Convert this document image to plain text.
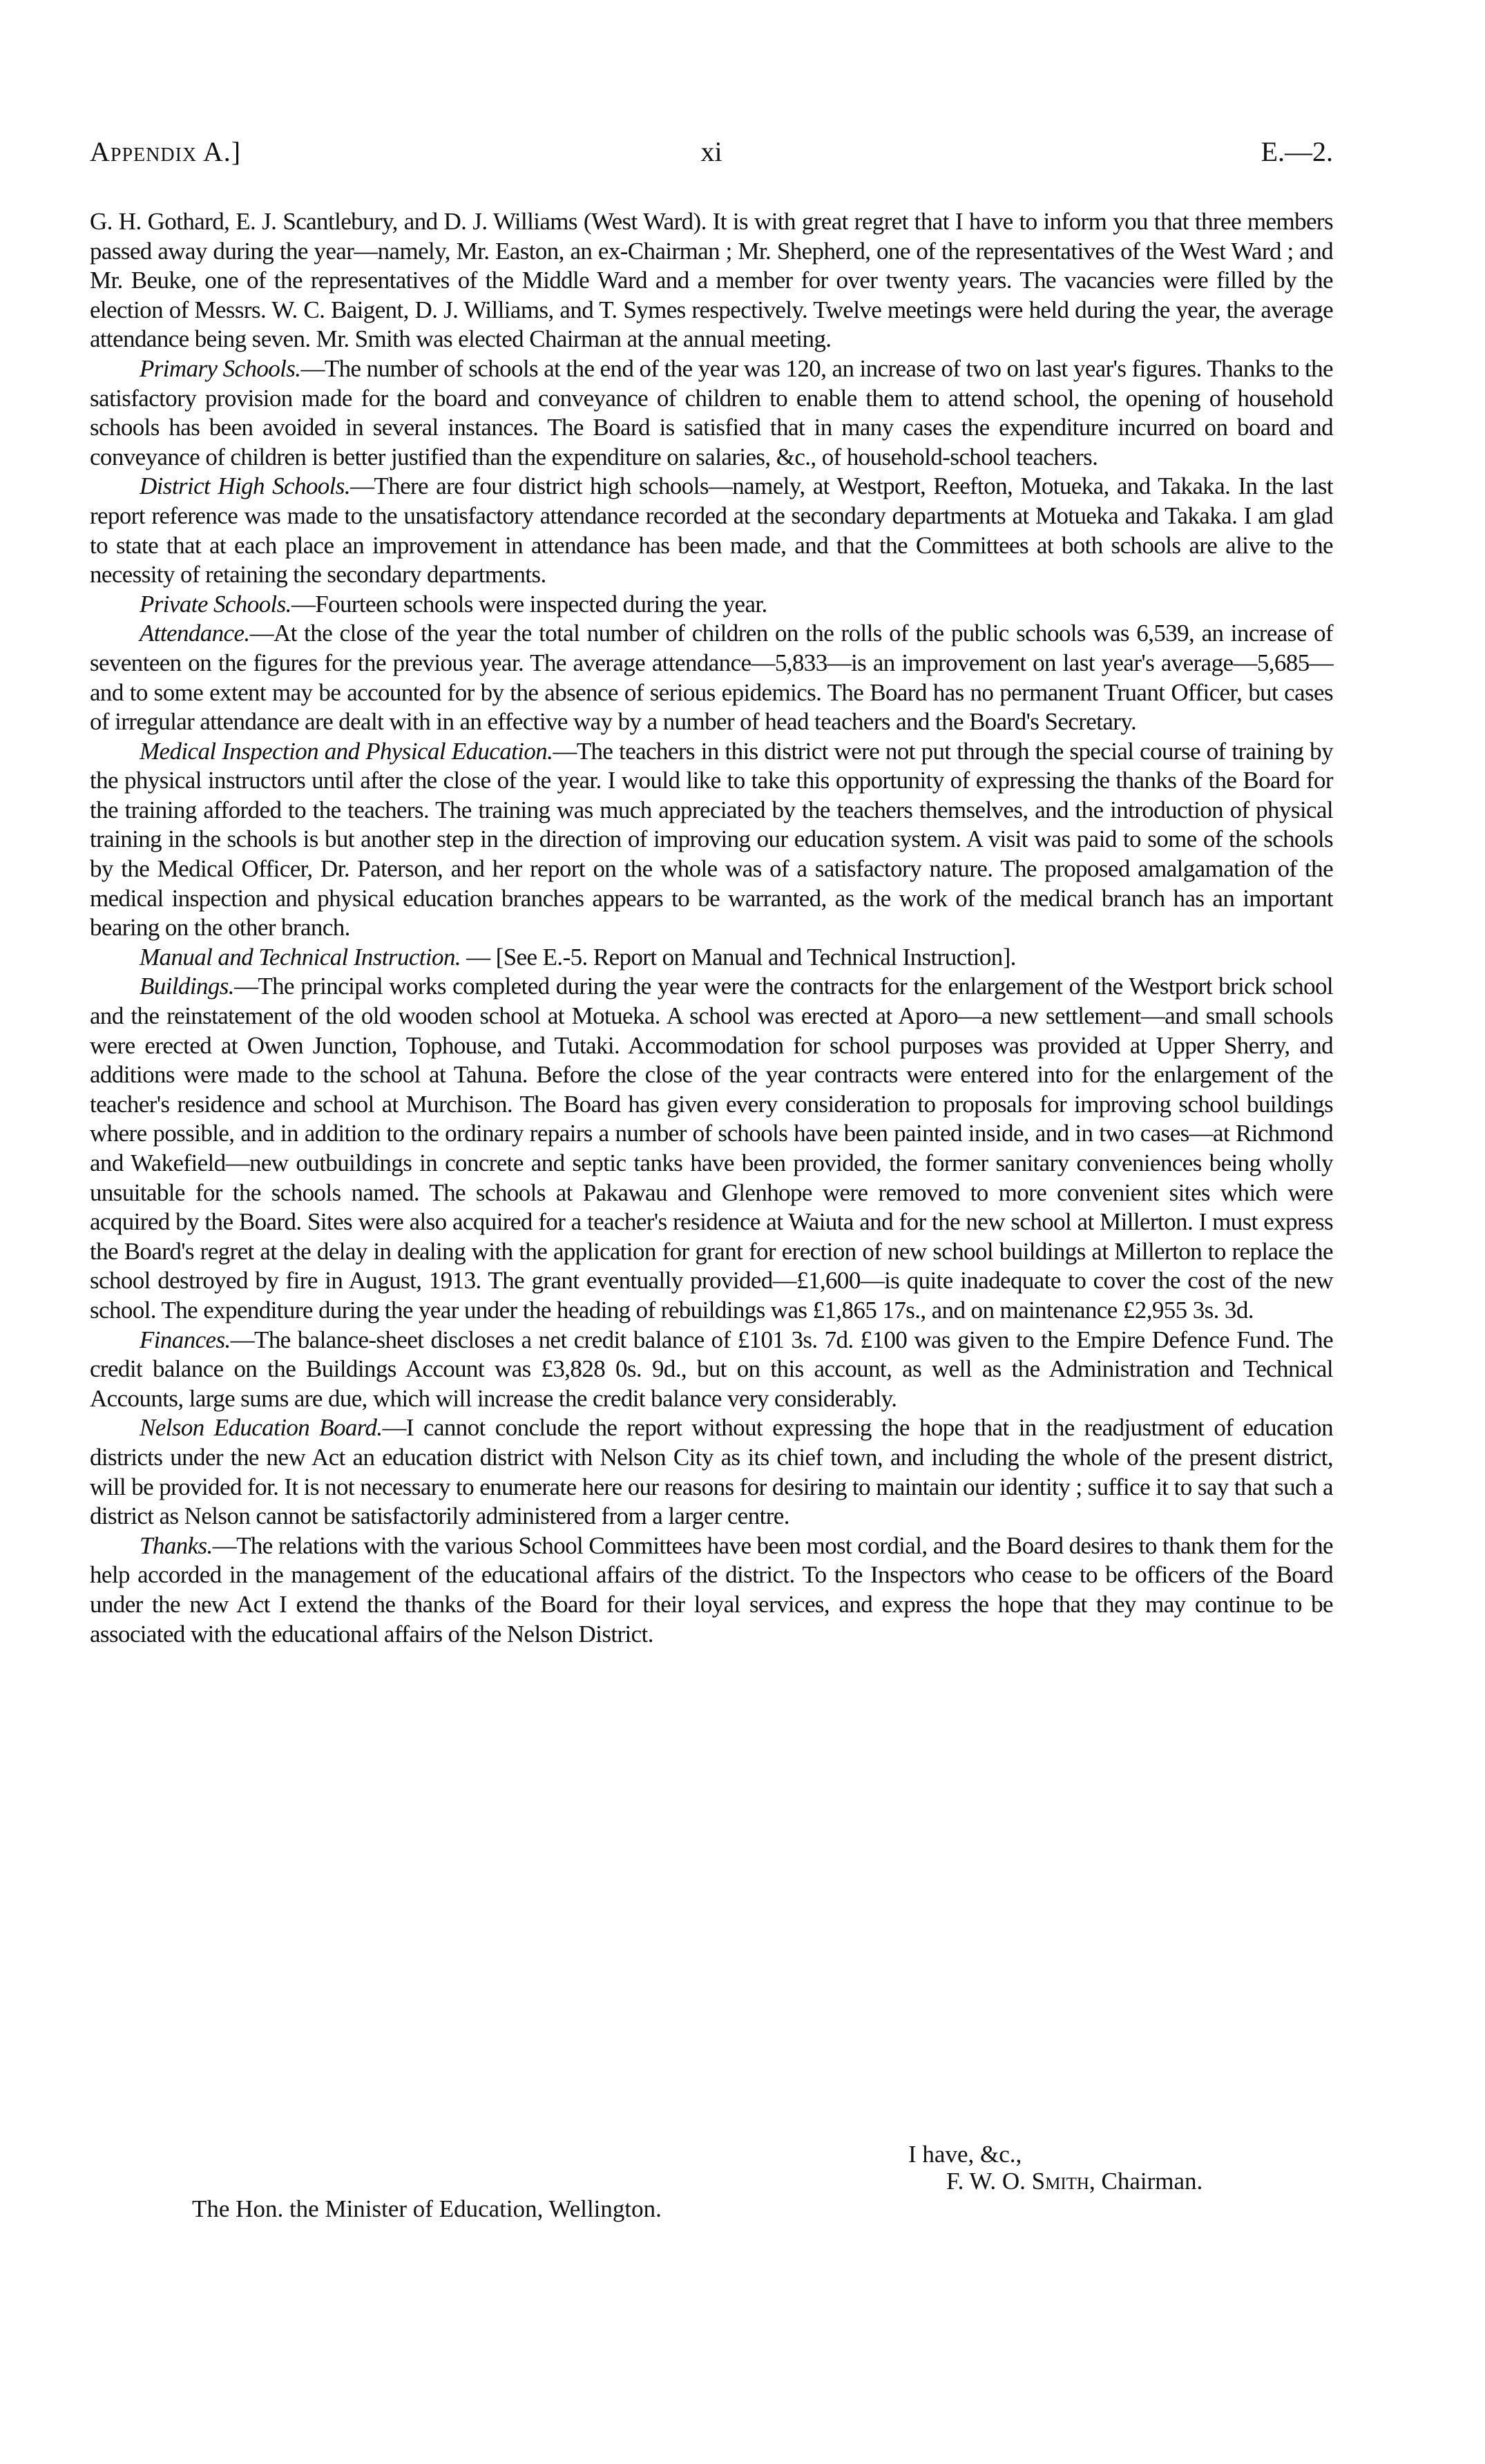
Appendix A.]	xi	E.—2.

G. H. Gothard, E. J. Scantlebury, and D. J. Williams (West Ward). It is with great regret that I have to inform you that three members passed away during the year—namely, Mr. Easton, an ex-Chairman ; Mr. Shepherd, one of the representatives of the West Ward ; and Mr. Beuke, one of the representatives of the Middle Ward and a member for over twenty years. The vacancies were filled by the election of Messrs. W. C. Baigent, D. J. Williams, and T. Symes respectively. Twelve meetings were held during the year, the average attendance being seven. Mr. Smith was elected Chairman at the annual meeting.

Primary Schools.—The number of schools at the end of the year was 120, an increase of two on last year's figures. Thanks to the satisfactory provision made for the board and conveyance of children to enable them to attend school, the opening of household schools has been avoided in several instances. The Board is satisfied that in many cases the expenditure incurred on board and conveyance of children is better justified than the expenditure on salaries, &c., of household-school teachers.

District High Schools.—There are four district high schools—namely, at Westport, Reefton, Motueka, and Takaka. In the last report reference was made to the unsatisfactory attendance recorded at the secondary departments at Motueka and Takaka. I am glad to state that at each place an improvement in attendance has been made, and that the Committees at both schools are alive to the necessity of retaining the secondary departments.

Private Schools.—Fourteen schools were inspected during the year.

Attendance.—At the close of the year the total number of children on the rolls of the public schools was 6,539, an increase of seventeen on the figures for the previous year. The average attendance—5,833—is an improvement on last year's average—5,685—and to some extent may be accounted for by the absence of serious epidemics. The Board has no permanent Truant Officer, but cases of irregular attendance are dealt with in an effective way by a number of head teachers and the Board's Secretary.

Medical Inspection and Physical Education.—The teachers in this district were not put through the special course of training by the physical instructors until after the close of the year. I would like to take this opportunity of expressing the thanks of the Board for the training afforded to the teachers. The training was much appreciated by the teachers themselves, and the introduction of physical training in the schools is but another step in the direction of improving our education system. A visit was paid to some of the schools by the Medical Officer, Dr. Paterson, and her report on the whole was of a satisfactory nature. The proposed amalgamation of the medical inspection and physical education branches appears to be warranted, as the work of the medical branch has an important bearing on the other branch.

Manual and Technical Instruction. — [See E.-5. Report on Manual and Technical Instruction].

Buildings.—The principal works completed during the year were the contracts for the enlargement of the Westport brick school and the reinstatement of the old wooden school at Motueka. A school was erected at Aporo—a new settlement—and small schools were erected at Owen Junction, Tophouse, and Tutaki. Accommodation for school purposes was provided at Upper Sherry, and additions were made to the school at Tahuna. Before the close of the year contracts were entered into for the enlargement of the teacher's residence and school at Murchison. The Board has given every consideration to proposals for improving school buildings where possible, and in addition to the ordinary repairs a number of schools have been painted inside, and in two cases—at Richmond and Wakefield—new outbuildings in concrete and septic tanks have been provided, the former sanitary conveniences being wholly unsuitable for the schools named. The schools at Pakawau and Glenhope were removed to more convenient sites which were acquired by the Board. Sites were also acquired for a teacher's residence at Waiuta and for the new school at Millerton. I must express the Board's regret at the delay in dealing with the application for grant for erection of new school buildings at Millerton to replace the school destroyed by fire in August, 1913. The grant eventually provided—£1,600—is quite inadequate to cover the cost of the new school. The expenditure during the year under the heading of rebuildings was £1,865 17s., and on maintenance £2,955 3s. 3d.

Finances.—The balance-sheet discloses a net credit balance of £101 3s. 7d. £100 was given to the Empire Defence Fund. The credit balance on the Buildings Account was £3,828 0s. 9d., but on this account, as well as the Administration and Technical Accounts, large sums are due, which will increase the credit balance very considerably.

Nelson Education Board.—I cannot conclude the report without expressing the hope that in the readjustment of education districts under the new Act an education district with Nelson City as its chief town, and including the whole of the present district, will be provided for. It is not necessary to enumerate here our reasons for desiring to maintain our identity ; suffice it to say that such a district as Nelson cannot be satisfactorily administered from a larger centre.

Thanks.—The relations with the various School Committees have been most cordial, and the Board desires to thank them for the help accorded in the management of the educational affairs of the district. To the Inspectors who cease to be officers of the Board under the new Act I extend the thanks of the Board for their loyal services, and express the hope that they may continue to be associated with the educational affairs of the Nelson District.

I have, &c.,
F. W. O. Smith, Chairman.
The Hon. the Minister of Education, Wellington.
